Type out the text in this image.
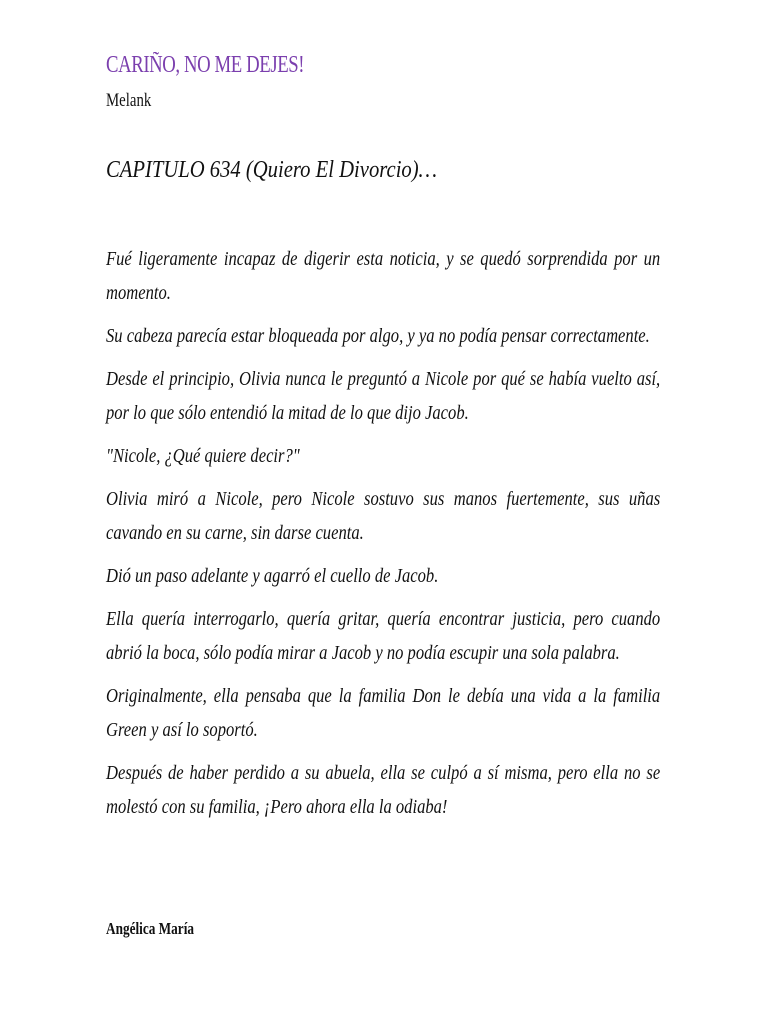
CARIÑO, NO ME DEJES!
Melank
CAPITULO 634 (Quiero El Divorcio)…

Fué ligeramente incapaz de digerir esta noticia, y se quedó sorprendida por un momento.

Su cabeza parecía estar bloqueada por algo, y ya no podía pensar correctamente.

Desde el principio, Olivia nunca le preguntó a Nicole por qué se había vuelto así, por lo que sólo entendió la mitad de lo que dijo Jacob.

"Nicole, ¿Qué quiere decir?"

Olivia miró a Nicole, pero Nicole sostuvo sus manos fuertemente, sus uñas cavando en su carne, sin darse cuenta.

Dió un paso adelante y agarró el cuello de Jacob.

Ella quería interrogarlo, quería gritar, quería encontrar justicia, pero cuando abrió la boca, sólo podía mirar a Jacob y no podía escupir una sola palabra.

Originalmente, ella pensaba que la familia Don le debía una vida a la familia Green y así lo soportó.

Después de haber perdido a su abuela, ella se culpó a sí misma, pero ella no se molestó con su familia, ¡Pero ahora ella la odiaba!

Angélica María
